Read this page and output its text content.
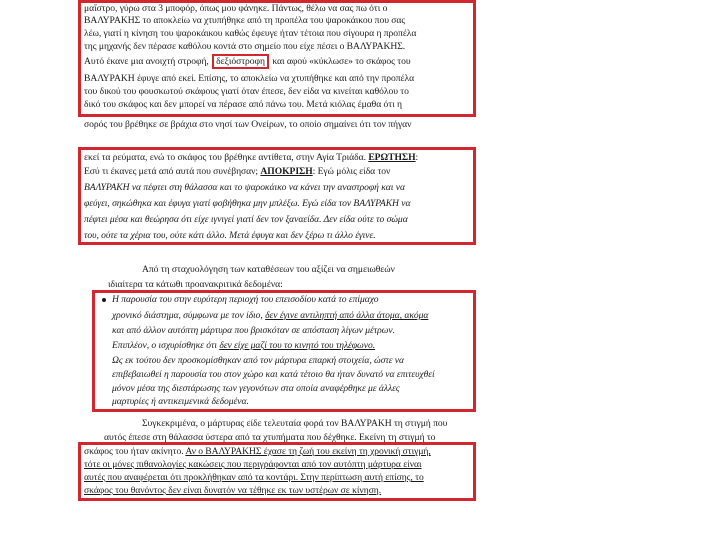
μαΐστρο, γύρω στα 3 μποφόρ, όπως μου φάνηκε. Πάντως, θέλω να σας πω ότι ο
ΒΑΛΥΡΑΚΗΣ το αποκλείω να χτυπήθηκε από τη προπέλα του ψαροκάικου που σας
λέω, γιατί η κίνηση του ψαροκάικου καθώς έφευγε ήταν τέτοια που σίγουρα η προπέλα
της μηχανής δεν πέρασε καθόλου κοντά στο σημείο που είχε πέσει ο ΒΑΛΥΡΑΚΗΣ.
Αυτό έκανε μια ανοιχτή στροφή, δεξιόστροφη και αφού «κύκλωσε» το σκάφος του
ΒΑΛΥΡΑΚΗ έφυγε από εκεί. Επίσης, το αποκλείω να χτυπήθηκε και από την προπέλα
του δικού του φουσκωτού σκάφους γιατί όταν έπεσε, δεν είδα να κινείται καθόλου το
δικό του σκάφος και δεν μπορεί να πέρασε από πάνω του. Μετά κιόλας έμαθα ότι η
σορός του βρέθηκε σε βράχια στο νησί των Ονείρων, το οποίο σημαίνει ότι τον πήγαν
εκεί τα ρεύματα, ενώ το σκάφος του βρέθηκε αντίθετα, στην Αγία Τριάδα. ΕΡΩΤΗΣΗ:
Εσύ τι έκανες μετά από αυτά που συνέβησαν; ΑΠΟΚΡΙΣΗ: Εγώ μόλις είδα τον
ΒΑΛΥΡΑΚΗ να πέφτει στη θάλασσα και το ψαροκάικο να κάνει την αναστροφή και να
φεύγει, σηκώθηκα και έφυγα γιατί φοβήθηκα μην μπλέξω. Εγώ είδα τον ΒΑΛΥΡΑΚΗ να
πέφτει μέσα και θεώρησα ότι είχε ιγνιγεί γιατί δεν τον ξαναείδα. Δεν είδα ούτε το σώμα
του, ούτε τα χέρια του, ούτε κάτι άλλο. Μετά έφυγα και δεν ξέρω τι άλλο έγινε.
Από τη σταχυολόγηση των καταθέσεων του αξίζει να σημειωθεών
ιδιαίτερα τα κάτωθι προανακριτικά δεδομένα:
Η παρουσία του στην ευρύτερη περιοχή του επεισοδίου κατά το επίμαχο
χρονικό διάστημα, σύμφωνα με τον ίδιο, δεν έγινε αντιληπτή από άλλα άτομα, ακόμα
και από άλλον αυτόπτη μάρτυρα που βρισκόταν σε απόσταση λίγων μέτρων.
Επιπλέον, ο ισχυρίσθηκε ότι δεν είχε μαζί του το κινητό του τηλέφωνο.
Ως εκ τούτου δεν προσκομίσθηκαν από τον μάρτυρα επαρκή στοιχεία, ώστε να
επιβεβαιωθεί η παρουσία του στον χώρο και κατά τέτοιο θα ήταν δυνατό να επιτευχθεί
μόνον μέσα της διεστάρωσης των γεγονότων στα οποία αναφέρθηκε με άλλες
μαρτυρίες ή αντικειμενικά δεδομένα.
Συγκεκριμένα, ο μάρτυρας είδε τελευταία φορά τον ΒΑΛΥΡΑΚΗ τη στιγμή που
αυτός έπεσε στη θάλασσα ύστερα από τα χτυπήματα που δέχθηκε. Εκείνη τη στιγμή το
σκάφος του ήταν ακίνητο. Αν ο ΒΑΛΥΡΑΚΗΣ έχασε τη ζωή του εκείνη τη χρονική στιγμή,
τότε οι μόνες πιθανολογίες κακώσεις που περιγράφονται από τον αυτόπτη μάρτυρα είναι
αυτές που αναφέρεται ότι προκλήθηκαν από τα κοντάρι. Στην περίπτωση αυτή επίσης, το
σκάφος του θανόντος δεν είναι δυνατόν να τέθηκε εκ των υστέρων σε κίνηση.
